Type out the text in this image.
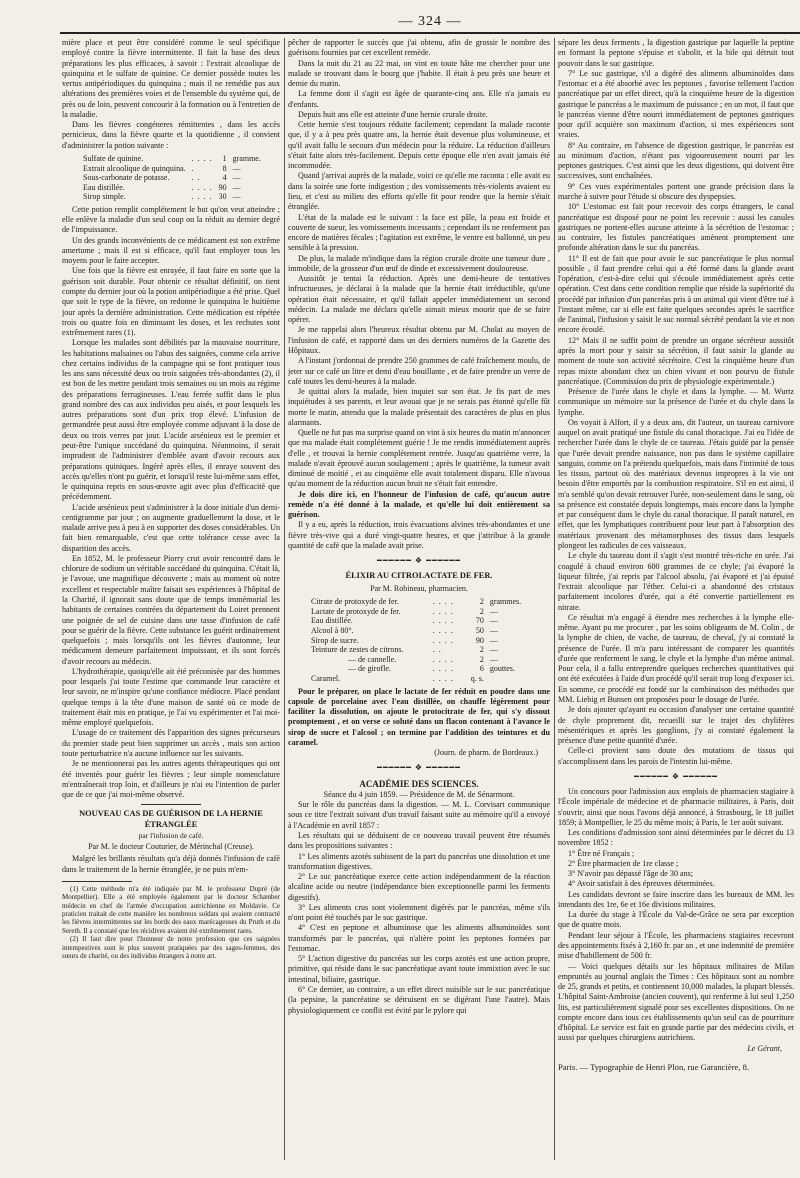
— 324 —

mière place et peut être considéré comme le seul spécifique employé contre la fièvre intermittente. Il fait la base des deux préparations les plus efficaces, à savoir : l'extrait alcoolique de quinquina et le sulfate de quinine. Ce dernier possède toutes les vertus antipériodiques du quinquina ; mais il ne remédie pas aux altérations des premières voies et de l'ensemble du système qui, de près ou de loin, peuvent concourir à la formation ou à l'entretien de la maladie.

Dans les fièvres congéneres rémittentes , dans les accès pernicieux, dans la fièvre quarte et la quotidienne , il convient d'administrer la potion suivante :

Sulfate de quinine.	. . . .	1	gramme.
Extrait alcoolique de quinquina.	.	8	—
Sous-carbonate de potasse.	. .	4	—
Eau distillée.	. . . .	90	—
Sirop simple.	. . . .	30	—

Cette potion remplit complétement le but qu'on veut atteindre ; elle enlève la maladie d'un seul coup ou la réduit au dernier degré de l'impuissance.

Un des grands inconvénients de ce médicament est son extrême amertume ; mais il est si efficace, qu'il faut employer tous les moyens pour le faire accepter.

Une fois que la fièvre est enrayée, il faut faire en sorte que la guérison soit durable. Pour obtenir ce résultat définitif, on tient compte du dernier jour où la potion antipériodique a été prise. Quel que soit le type de la fièvre, on redonne le quinquina le huitième jour après la dernière administration. Cette médication est répétée trois ou quatre fois en diminuant les doses, et les rechutes sont extrêmement rares (1).

Lorsque les malades sont débilités par la mauvaise nourriture, les habitations malsaines ou l'abus des saignées, comme cela arrive chez certains individus de la campagne qui se font pratiquer tous les ans sans nécessité deux ou trois saignées très-abondantes (2), il est bon de les mettre pendant trois semaines ou un mois au régime des préparations ferrugineuses. L'eau ferrée suffit dans le plus grand nombre des cas aux individus peu aisés, et pour lesquels les autres préparations sont d'un prix trop élevé. L'infusion de germandrée peut aussi être employée comme adjuvant à la dose de deux ou trois verres par jour. L'acide arsénieux est le premier et peut-être l'unique succédané du quinquina. Néanmoins, il serait imprudent de l'administrer d'emblée avant d'avoir recours aux préparations quiniques. Ingéré après elles, il enraye souvent des accès qu'elles n'ont pu guérir, et lorsqu'il reste lui-même sans effet, le quinquina repris en sous-œuvre agit avec plus d'efficacité que précédemment.

L'acide arsénieux peut s'administrer à la dose initiale d'un demi-centigramme par jour ; on augmente graduellement la dose, et le malade arrive peu à peu à en supporter des doses considérables. Un fait bien remarquable, c'est que cette tolérance cesse avec la disparition des accès.

En 1852, M. le professeur Piorry crut avoir rencontré dans le chlorure de sodium un véritable succédané du quinquina. C'était là, je l'avoue, une magnifique découverte ; mais au moment où notre excellent et respectable maître faisait ses expériences à l'hôpital de la Charité, il ignorait sans doute que de temps immémorial les habitants de certaines contrées du département du Loiret prennent une poignée de sel de cuisine dans une tasse d'infusion de café pour se guérir de la fièvre. Cette substance les guérit ordinairement quelquefois ; mais lorsqu'ils ont les fièvres d'automne, leur médicament demeure parfaitement impuissant, et ils sont forcés d'avoir recours au médecin.

L'hydrothérapie, quoiqu'elle ait été préconisée par des hommes pour lesquels j'ai toute l'estime que commande leur caractère et leur savoir, ne m'inspire qu'une confiance médiocre. Placé pendant quelque temps à la tête d'une maison de santé où ce mode de traitement était mis en pratique, je l'ai vu expérimenter et l'ai moi-même employé quelquefois.

L'usage de ce traitement dès l'apparition des signes précurseurs du premier stade peut bien supprimer un accès , mais son action toute perturbatrice n'a aucune influence sur les suivants.

Je ne mentionnerai pas les autres agents thérapeutiques qui ont été inventés pour guérir les fièvres ; leur simple nomenclature m'entraînerait trop loin, et d'ailleurs je n'ai eu l'intention de parler que de ce que j'ai moi-même observé.

NOUVEAU CAS DE GUÉRISON DE LA HERNIE ÉTRANGLÉE
par l'infusion de café.
Par M. le docteur Couturier, de Mérinchal (Creuse).

Malgré les brillants résultats qu'a déjà donnés l'infusion de café dans le traitement de la hernie étranglée, je ne puis m'em-

(1) Cette méthode m'a été indiquée par M. le professeur Dupré (de Montpellier). Elle a été employée également par le docteur Schænber médecin en chef de l'armée d'occupation autrichienne en Moldavie. Ce praticien traitait de cette manière les nombreux soldats qui avaient contracté les fièvres intermittentes sur les bords des eaux marécageuses du Pruth et du Sereth. Il a constaté que les récidives avaient été extrêmement rares.

(2) Il faut dire pour l'honneur de notre profession que ces saignées intempestives sont le plus souvent pratiquées par des sages-femmes, des sœurs de charité, ou des individus étrangers à notre art.

pêcher de rapporter le succès que j'ai obtenu, afin de grossir le nombre des guérisons fournies par cet excellent remède.

Dans la nuit du 21 au 22 mai, on vint en toute hâte me chercher pour une malade se trouvant dans le bourg que j'habite. Il était à peu près une heure et demie du matin.

La femme dont il s'agit est âgée de quarante-cinq ans. Elle n'a jamais eu d'enfants.

Depuis huit ans elle est atteinte d'une hernie crurale droite.

Cette hernie s'est toujours réduite facilement; cependant la malade raconte que, il y a à peu près quatre ans, la hernie était devenue plus volumineuse, et qu'il avait fallu le secours d'un médecin pour la réduire. La réduction d'ailleurs s'était faite alors très-facilement. Depuis cette époque elle n'en avait jamais été incommodée.

Quand j'arrivai auprès de la malade, voici ce qu'elle me raconta : elle avait eu dans la soirée une forte indigestion ; des vomissements très-violents avaient eu lieu, et c'est au milieu des efforts qu'elle fit pour rendre que la hernie s'était étranglée.

L'état de la malade est le suivant : la face est pâle, la peau est froide et couverte de sueur, les vomissements incessants ; cependant ils ne renferment pas encore de matières fécales ; l'agitation est extrême, le ventre est ballonné, un peu sensible à la pression.

De plus, la malade m'indique dans la région crurale droite une tumeur dure , immobile, de la grosseur d'un œuf de dinde et excessivement douloureuse.

Aussitôt je tentai la réduction. Après une demi-heure de tentatives infructueuses, je déclarai à la malade que la hernie était irréductible, qu'une opération était nécessaire, et qu'il fallait appeler immédiatement un second médecin. La malade me déclara qu'elle aimait mieux mourir que de se faire opérer.

Je me rappelai alors l'heureux résultat obtenu par M. Cholat au moyen de l'infusion de café, et rapporté dans un des derniers numéros de la Gazette des Hôpitaux.

A l'instant j'ordonnai de prendre 250 grammes de café fraîchement moulu, de jeter sur ce café un litre et demi d'eau bouillante , et de faire prendre un verre de café toutes les demi-heures à la malade.

Je quittai alors la malade, bien inquiet sur son état. Je fis part de mes inquiétudes à ses parents, et leur avouai que je ne serais pas étonné qu'elle fût morte le matin, attendu que la malade présentait des caractères de plus en plus alarmants.

Quelle ne fut pas ma surprise quand on vint à six heures du matin m'annoncer que ma malade était complétement guérie ! Je me rendis immédiatement auprès d'elle , et trouvai la hernie complétement rentrée. Jusqu'au quatrième verre, la malade n'avait éprouvé aucun soulagement ; après le quatrième, la tumeur avait diminué de moitié , et au cinquième elle avait totalement disparu. Elle n'avoua qu'au moment de la réduction aucun bruit ne s'était fait entendre.

Je dois dire ici, en l'honneur de l'infusion de café, qu'aucun autre remède n'a été donné à la malade, et qu'elle lui doit entièrement sa guérison.

Il y a eu, après la réduction, trois évacuations alvines très-abondantes et une fièvre très-vive qui a duré vingt-quatre heures, et que j'attribue à la grande quantité de café que la malade avait prise.

━━━━━━ ❖ ━━━━━━
ÉLIXIR AU CITROLACTATE DE FER.
Par M. Robineau, pharmacien.
Citrate de protoxyde de fer.	. . . .	2	grammes.
Lactate de protoxyde de fer.	. . . .	2	—
Eau distillée.	. . . .	70	—
Alcool à 80°.	. . . .	50	—
Sirop de sucre.	. . . .	90	—
Teinture de zestes de citrons.	. .	2	—
— de cannelle.	. . . .	2	—
— de girofle.	. . . .	6	gouttes.
Caramel.	. . . .	q. s.	

Pour le préparer, on place le lactate de fer réduit en poudre dans une capsule de porcelaine avec l'eau distillée, on chauffe légèrement pour faciliter la dissolution, on ajoute le protocitrate de fer, qui s'y dissout promptement , et on verse ce soluté dans un flacon contenant à l'avance le sirop de sucre et l'alcool ; on termine par l'addition des teintures et du caramel.

(Journ. de pharm. de Bordeaux.)
━━━━━━ ❖ ━━━━━━
ACADÉMIE DES SCIENCES.

Séance du 4 juin 1859. — Présidence de M. de Sénarmont.

Sur le rôle du pancréas dans la digestion. — M. L. Corvisart communique sous ce titre l'extrait suivant d'un travail faisant suite au mémoire qu'il a envoyé à l'Académie en avril 1857 :

Les résultats qui se déduisent de ce nouveau travail peuvent être résumés dans les propositions suivantes :

1° Les aliments azotés subissent de la part du pancréas une dissolution et une transformation digestives.

2° Le suc pancréatique exerce cette action indépendamment de la réaction alcaline acide ou neutre (indépendance bien exceptionnelle parmi les ferments digestifs).

3° Les aliments crus sont violemment digérés par le pancréas, même s'ils n'ont point été touchés par le suc gastrique.

4° C'est en peptone et albuminose que les aliments albuminoïdes sont transformés par le pancréas, qui n'altère point les peptones formées par l'estomac.

5° L'action digestive du pancréas sur les corps azotés est une action propre, primitive, qui réside dans le suc pancréatique avant toute immixtion avec le suc intestinal, biliaire, gastrique.

6° Ce dernier, au contraire, a un effet direct nuisible sur le suc pancréatique (la pepsine, la pancréatine se détruisent en se digérant l'une l'autre). Mais physiologiquement ce conflit est évité par le pylore qui

sépare les deux ferments , la digestion gastrique par laquelle la peptine en formant la peptone s'épuise et s'abolit, et la bile qui détruit tout pouvoir dans le suc gastrique.

7° Le suc gastrique, s'il a digéré des aliments albuminoïdes dans l'estomac et a été absorbé avec les peptones , favorise tellement l'action pancréatique par un effet direct, qu'à la cinquième heure de la digestion gastrique le pancréas a le maximum de puissance ; en un mot, il faut que le pancréas vienne d'être nourri immédiatement de peptones gastriques pour qu'il acquière son maximum d'action, si mes expériences sont vraies.

8° Au contraire, en l'absence de digestion gastrique, le pancréas est au minimum d'action, n'étant pas vigoureusement nourri par les peptones gastriques. C'est ainsi que les deux digestions, qui doivent être successives, sont enchaînées.

9° Ces vues expérimentales portent une grande précision dans la marche à suivre pour l'étude si obscure des dyspepsies.

10° L'estomac est fait pour recevoir des corps étrangers, le canal pancréatique est disposé pour ne point les recevoir : aussi les canules gastriques ne portent-elles aucune atteinte à la sécrétion de l'estomac ; au contraire, les fistules pancréatiques amènent promptement une profonde altération dans le suc du pancréas.

11° Il est de fait que pour avoir le suc pancréatique le plus normal possible , il faut prendre celui qui a été formé dans la glande avant l'opération, c'est-à-dire celui qui s'écoule immédiatement après cette opération. C'est dans cette condition remplie que réside la supériorité du procédé par infusion d'un pancréas pris à un animal qui vient d'être tué à l'instant même, car si elle est faite quelques secondes après le sacrifice de l'animal, l'infusion y saisit le suc normal sécrété pendant la vie et non encore écoulé.

12° Mais il ne suffit point de prendre un organe sécréteur aussitôt après la mort pour y saisir sa sécrétion, il faut saisir la glande au moment de toute son activité sécrétoire. C'est la cinquième heure d'un repas mixte abondant chez un chien vivant et non pourvu de fistule pancréatique. (Commission du prix de physiologie expérimentale.)

Présence de l'urée dans le chyle et dans la lymphe. — M. Wurtz communique un mémoire sur la présence de l'urée et du chyle dans la lymphe.

On voyait à Alfort, il y a deux ans, dit l'auteur, un taureau carnivore auquel on avait pratiqué une fistule du canal thoracique. J'ai eu l'idée de rechercher l'urée dans le chyle de ce taureau. J'étais guidé par la pensée que l'urée devait prendre naissance, non pas dans le système capillaire sanguin, comme on l'a prétendu quelquefois, mais dans l'intimité de tous les tissus, partout où des matériaux devenus impropres à la vie ont besoin d'être emportés par la combustion respiratoire. S'il en est ainsi, il m'a semblé qu'on devait retrouver l'urée, non-seulement dans le sang, où sa présence est constatée depuis longtemps, mais encore dans la lymphe et par conséquent dans le chyle du canal thoracique. Il paraît naturel, en effet, que les lymphatiques contribuent pour leur part à l'absorption des matériaux provenant des métamorphoses des tissus dans lesquels plongent les radicules de ces vaisseaux.

Le chyle du taureau dont il s'agit s'est montré très-riche en urée. J'ai coagulé à chaud environ 600 grammes de ce chyle; j'ai évaporé la liqueur filtrée, j'ai repris par l'alcool absolu, j'ai évaporé et j'ai épuisé l'extrait alcoolique par l'éther. Celui-ci a abandonné des cristaux parfaitement incolores d'urée, qui a été convertie partiellement en nitrate.

Ce résultat m'a engagé à étendre mes recherches à la lymphe elle-même. Ayant pu me procurer , par les soins obligeants de M. Colin , de la lymphe de chien, de vache, de taureau, de cheval, j'y ai constaté la présence de l'urée. Il m'a paru intéressant de comparer les quantités d'urée que renferment le sang, le chyle et la lymphe d'un même animal. Pour cela, il a fallu entreprendre quelques recherches quantitatives qui ont été exécutées à l'aide d'un procédé qu'il serait trop long d'exposer ici. En somme, ce procédé est fondé sur la combinaison des méthodes que MM. Liebig et Bunsen ont proposées pour le dosage de l'urée.

Je dois ajouter qu'ayant eu occasion d'analyser une certaine quantité de chyle proprement dit, recueilli sur le trajet des chylifères mésentériques et après les ganglions, j'y ai constaté également la présence d'une petite quantité d'urée.

Celle-ci provient sans doute des mutations de tissus qui s'accomplissent dans les parois de l'intestin lui-même.

━━━━━━ ❖ ━━━━━━

Un concours pour l'admission aux emplois de pharmacien stagiaire à l'École impériale de médecine et de pharmacie militaires, à Paris, doit s'ouvrir, ainsi que nous l'avons déjà annoncé, à Strasbourg, le 18 juillet 1859; à Montpellier, le 25 du même mois; à Paris, le 1er août suivant.

Les conditions d'admission sont ainsi déterminées par le décret du 13 novembre 1852 :

1° Être né Français ;

2° Être pharmacien de 1re classe ;

3° N'avoir pas dépassé l'âge de 30 ans;

4° Avoir satisfait à des épreuves déterminées.

Les candidats devront se faire inscrire dans les bureaux de MM. les intendants des 1re, 6e et 16e divisions militaires.

La durée du stage à l'École du Val-de-Grâce ne sera par exception que de quatre mois.

Pendant leur séjour à l'École, les pharmaciens stagiaires recevront des appointements fixés à 2,160 fr. par an , et une indemnité de première mise d'habillement de 500 fr.

— Voici quelques détails sur les hôpitaux militaires de Milan empruntés au journal anglais the Times : Ces hôpitaux sont au nombre de 25, grands et petits, et contiennent 10,000 malades, la plupart blessés. L'hôpital Saint-Ambroise (ancien couvent), qui renferme à lui seul 1,250 lits, est particulièrement signalé pour ses excellentes dispositions. On ne compte encore dans tous ces établissements qu'un seul cas de pourriture d'hôpital. Le service est fait en grande partie par des médecins civils, et aussi par quelques chirurgiens autrichiens.

Le Gérant,
Paris. — Typographie de Henri Plon, rue Garancière, 8.
